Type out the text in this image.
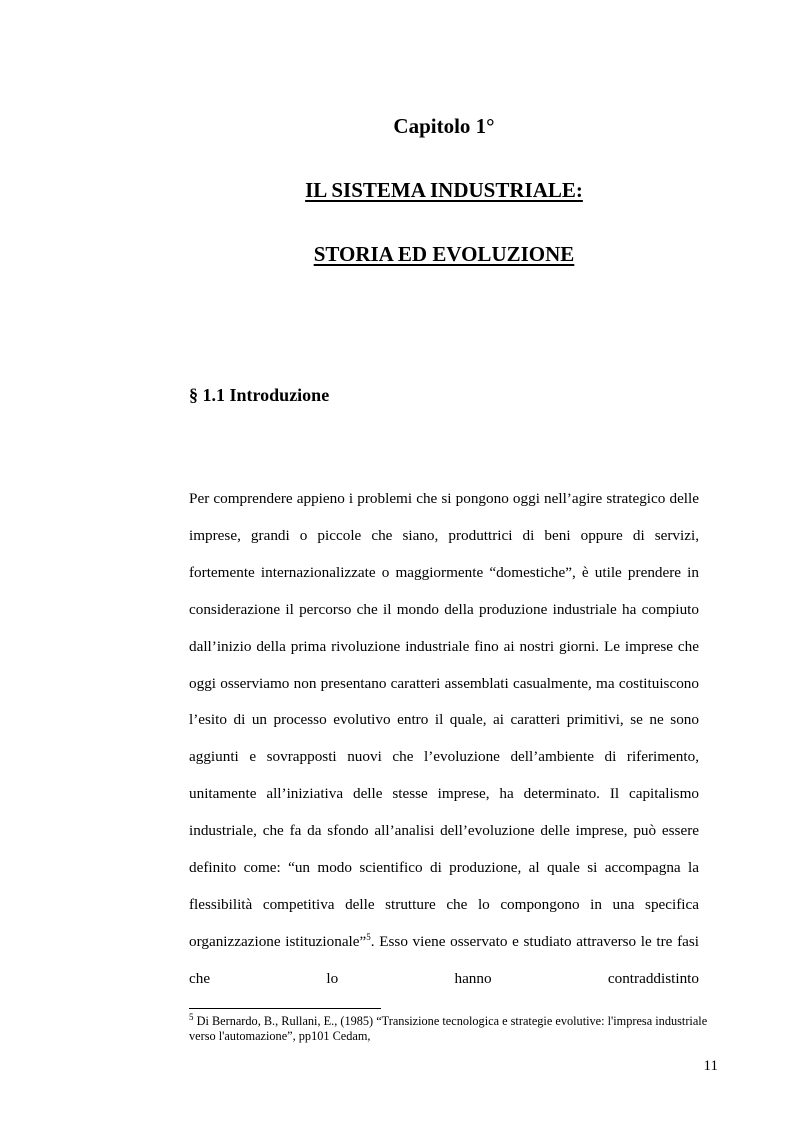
Capitolo 1°
IL SISTEMA INDUSTRIALE:
STORIA ED EVOLUZIONE
§ 1.1 Introduzione

Per comprendere appieno i problemi che si pongono oggi nell’agire strategico delle imprese, grandi o piccole che siano, produttrici di beni oppure di servizi, fortemente internazionalizzate o maggiormente “domestiche”, è utile prendere in considerazione il percorso che il mondo della produzione industriale ha compiuto dall’inizio della prima rivoluzione industriale fino ai nostri giorni. Le imprese che oggi osserviamo non presentano caratteri assemblati casualmente, ma costituiscono l’esito di un processo evolutivo entro il quale, ai caratteri primitivi, se ne sono aggiunti e sovrapposti nuovi che l’evoluzione dell’ambiente di riferimento, unitamente all’iniziativa delle stesse imprese, ha determinato. Il capitalismo industriale, che fa da sfondo all’analisi dell’evoluzione delle imprese, può essere definito come: “un modo scientifico di produzione, al quale si accompagna la flessibilità competitiva delle strutture che lo compongono in una specifica organizzazione istituzionale”$^5$. Esso viene osservato e studiato attraverso le tre fasi che lo hanno contraddistinto

$^5$ Di Bernardo, B., Rullani, E., (1985) “Transizione tecnologica e strategie evolutive: l'impresa industriale verso l'automazione”, pp101 Cedam,

11
